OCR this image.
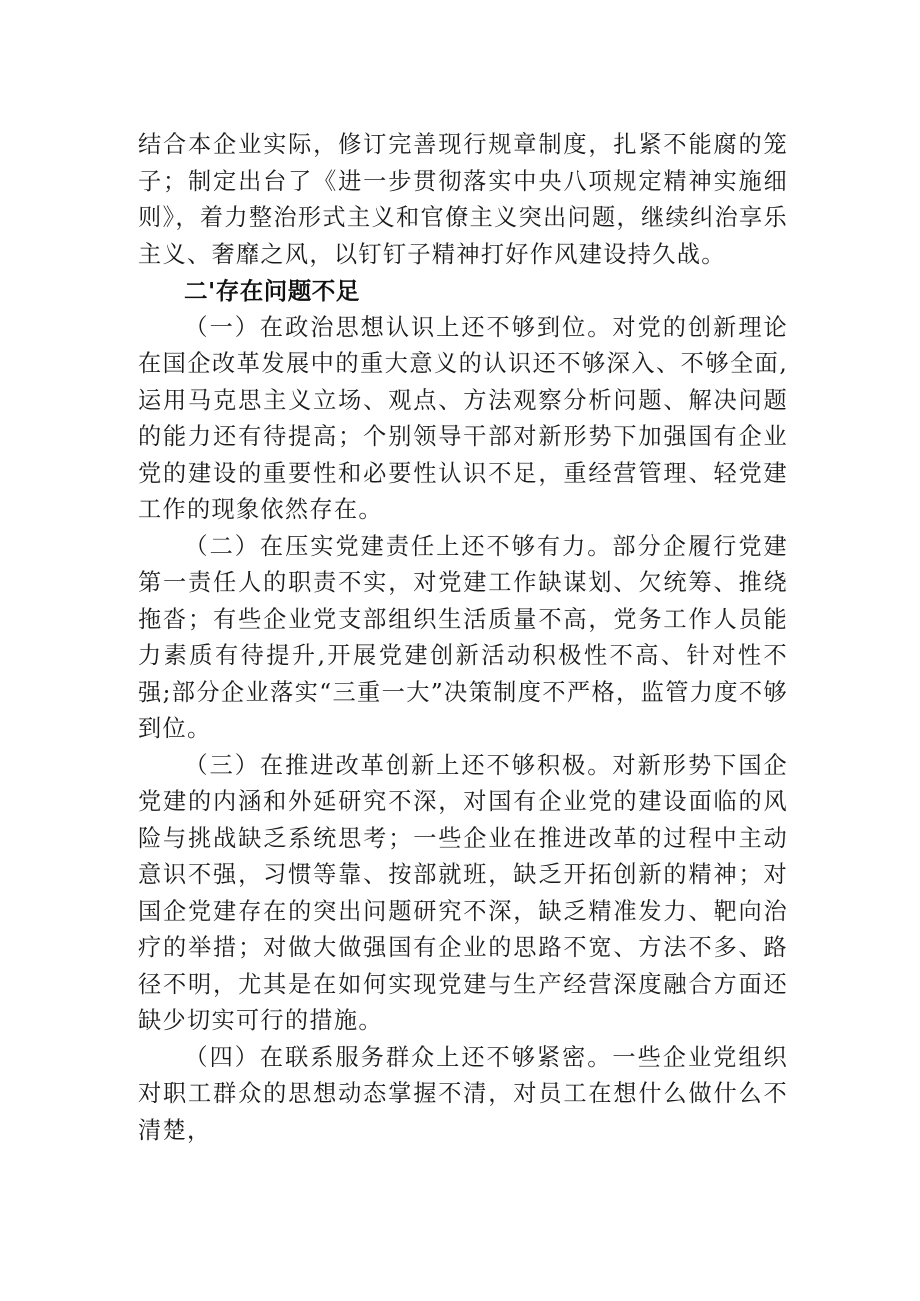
结合本企业实际，修订完善现行规章制度，扎紧不能腐的笼子；制定出台了《进一步贯彻落实中央八项规定精神实施细则》，着力整治形式主义和官僚主义突出问题，继续纠治享乐主义、奢靡之风，以钉钉子精神打好作风建设持久战。

二'存在问题不足

（一）在政治思想认识上还不够到位。对党的创新理论在国企改革发展中的重大意义的认识还不够深入、不够全面,运用马克思主义立场、观点、方法观察分析问题、解决问题的能力还有待提高；个别领导干部对新形势下加强国有企业党的建设的重要性和必要性认识不足，重经营管理、轻党建工作的现象依然存在。

（二）在压实党建责任上还不够有力。部分企履行党建第一责任人的职责不实，对党建工作缺谋划、欠统筹、推绕拖沓；有些企业党支部组织生活质量不高，党务工作人员能力素质有待提升,开展党建创新活动积极性不高、针对性不强;部分企业落实“三重一大”决策制度不严格，监管力度不够到位。

（三）在推进改革创新上还不够积极。对新形势下国企党建的内涵和外延研究不深，对国有企业党的建设面临的风险与挑战缺乏系统思考；一些企业在推进改革的过程中主动意识不强，习惯等靠、按部就班，缺乏开拓创新的精神；对国企党建存在的突出问题研究不深，缺乏精准发力、靶向治疗的举措；对做大做强国有企业的思路不宽、方法不多、路径不明，尤其是在如何实现党建与生产经营深度融合方面还缺少切实可行的措施。

（四）在联系服务群众上还不够紧密。一些企业党组织对职工群众的思想动态掌握不清，对员工在想什么做什么不清楚，
